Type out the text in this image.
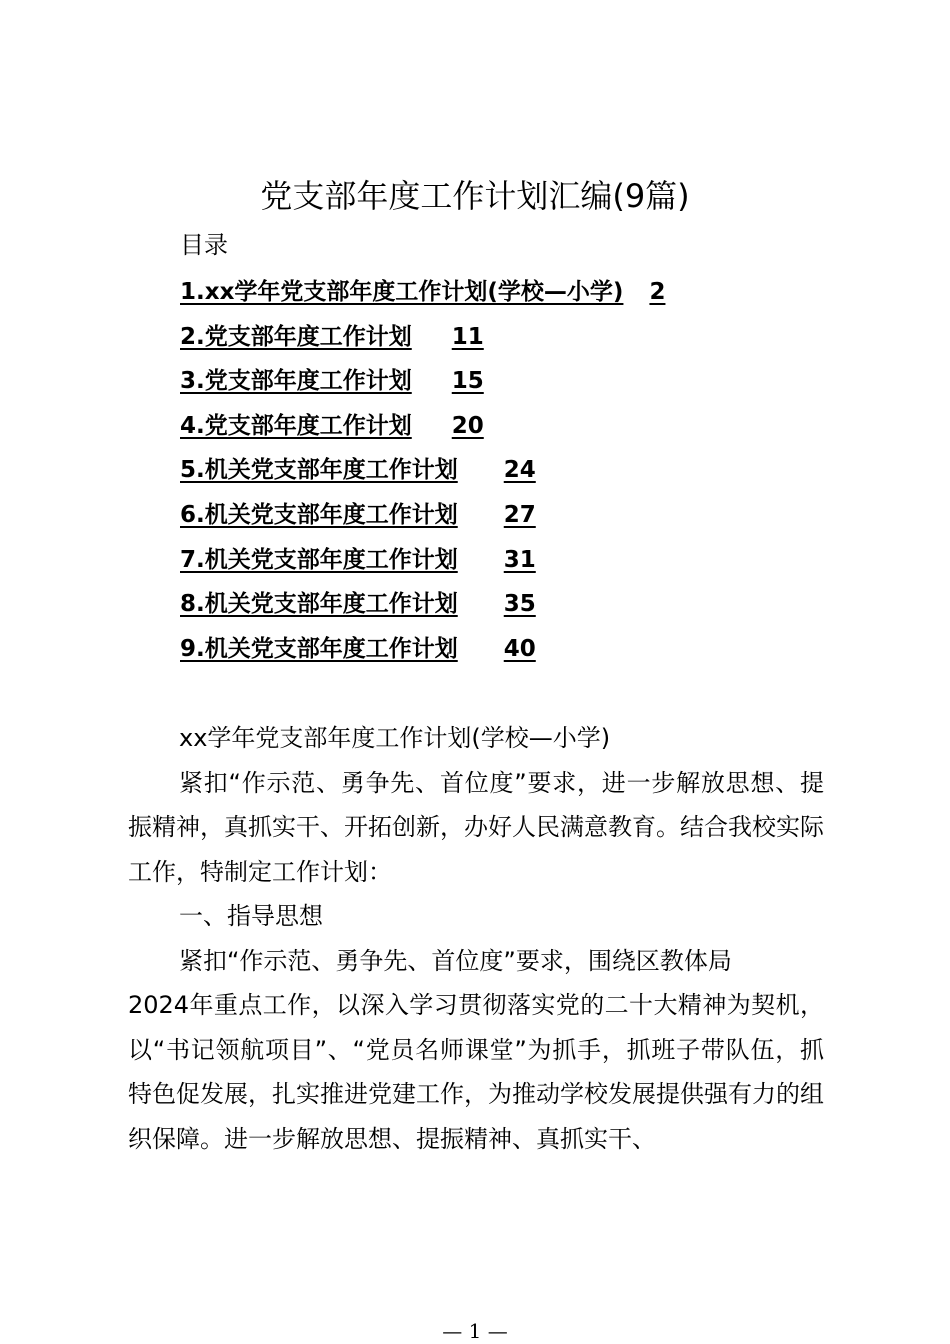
党支部年度工作计划汇编(9篇)
目录
1.xx学年党支部年度工作计划(学校—小学) 2
2.党支部年度工作计划 11
3.党支部年度工作计划 15
4.党支部年度工作计划 20
5.机关党支部年度工作计划 24
6.机关党支部年度工作计划 27
7.机关党支部年度工作计划 31
8.机关党支部年度工作计划 35
9.机关党支部年度工作计划 40

xx学年党支部年度工作计划(学校—小学)

紧扣“作示范、勇争先、首位度”要求，进一步解放思想、提振精神，真抓实干、开拓创新，办好人民满意教育。结合我校实际工作，特制定工作计划：

一、指导思想

紧扣“作示范、勇争先、首位度”要求，围绕区教体局

2024年重点工作，以深入学习贯彻落实党的二十大精神为契机，以“书记领航项目”、“党员名师课堂”为抓手，抓班子带队伍，抓特色促发展，扎实推进党建工作，为推动学校发展提供强有力的组织保障。进一步解放思想、提振精神、真抓实干、

— 1 —
